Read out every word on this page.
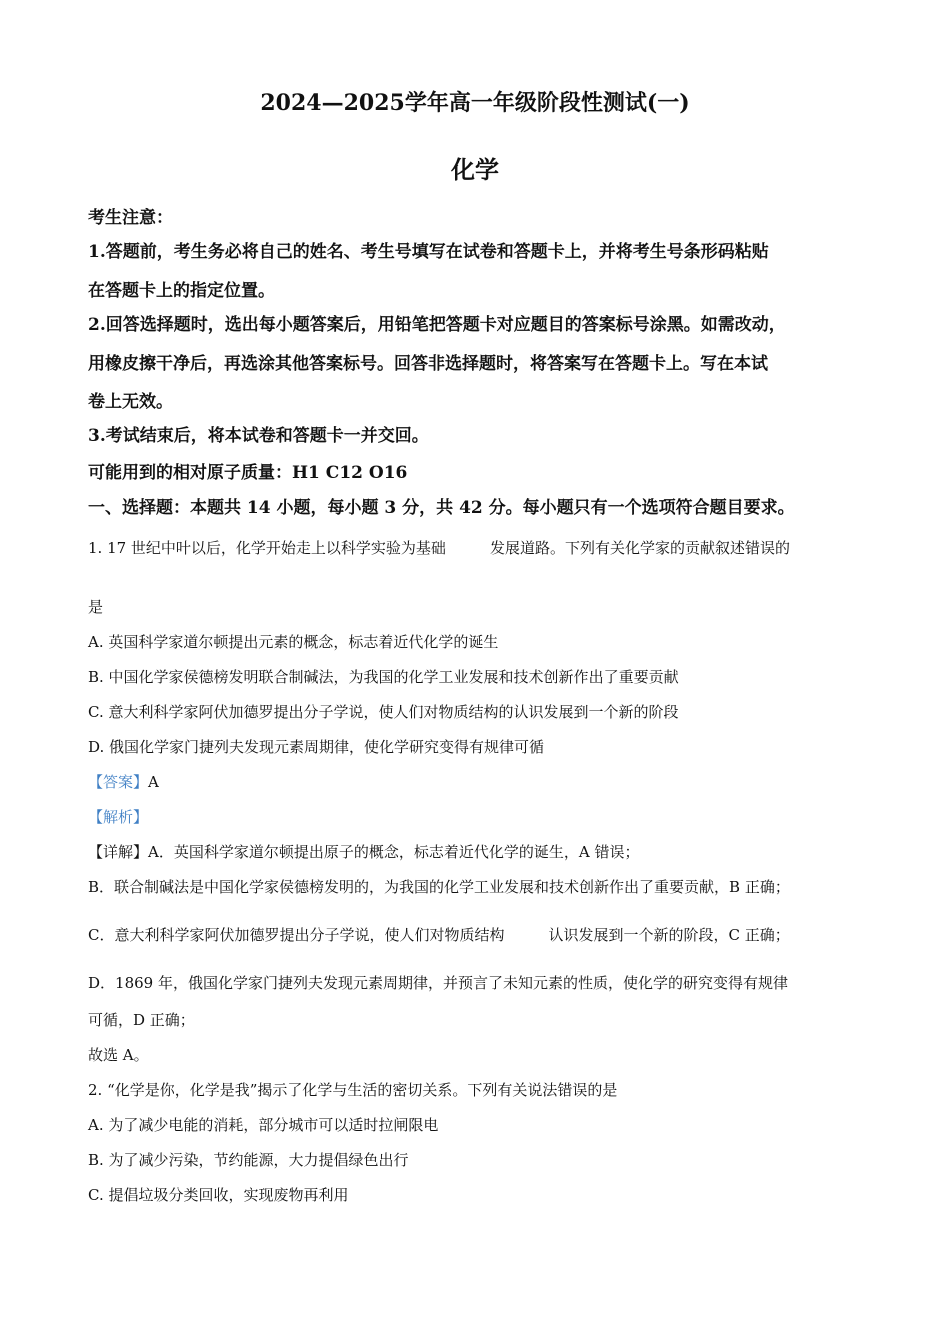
2024—2025学年高一年级阶段性测试(一)
化学
考生注意：
1.答题前，考生务必将自己的姓名、考生号填写在试卷和答题卡上，并将考生号条形码粘贴
在答题卡上的指定位置。
2.回答选择题时，选出每小题答案后，用铅笔把答题卡对应题目的答案标号涂黑。如需改动，
用橡皮擦干净后，再选涂其他答案标号。回答非选择题时，将答案写在答题卡上。写在本试
卷上无效。
3.考试结束后，将本试卷和答题卡一并交回。
可能用到的相对原子质量：H1 C12 O16
一、选择题：本题共 14 小题，每小题 3 分，共 42 分。每小题只有一个选项符合题目要求。
1. 17 世纪中叶以后，化学开始走上以科学实验为基础	发展道路。下列有关化学家的贡献叙述错误的
是
A. 英国科学家道尔顿提出元素的概念，标志着近代化学的诞生
B. 中国化学家侯德榜发明联合制碱法，为我国的化学工业发展和技术创新作出了重要贡献
C. 意大利科学家阿伏加德罗提出分子学说，使人们对物质结构的认识发展到一个新的阶段
D. 俄国化学家门捷列夫发现元素周期律，使化学研究变得有规律可循
【答案】A
【解析】
【详解】A．英国科学家道尔顿提出原子的概念，标志着近代化学的诞生，A 错误；
B．联合制碱法是中国化学家侯德榜发明的，为我国的化学工业发展和技术创新作出了重要贡献，B 正确；
C．意大利科学家阿伏加德罗提出分子学说，使人们对物质结构	认识发展到一个新的阶段，C 正确；
D．1869 年，俄国化学家门捷列夫发现元素周期律，并预言了未知元素的性质，使化学的研究变得有规律
可循，D 正确；
故选 A。
2. “化学是你，化学是我”揭示了化学与生活的密切关系。下列有关说法错误的是
A. 为了减少电能的消耗，部分城市可以适时拉闸限电
B. 为了减少污染，节约能源，大力提倡绿色出行
C. 提倡垃圾分类回收，实现废物再利用
